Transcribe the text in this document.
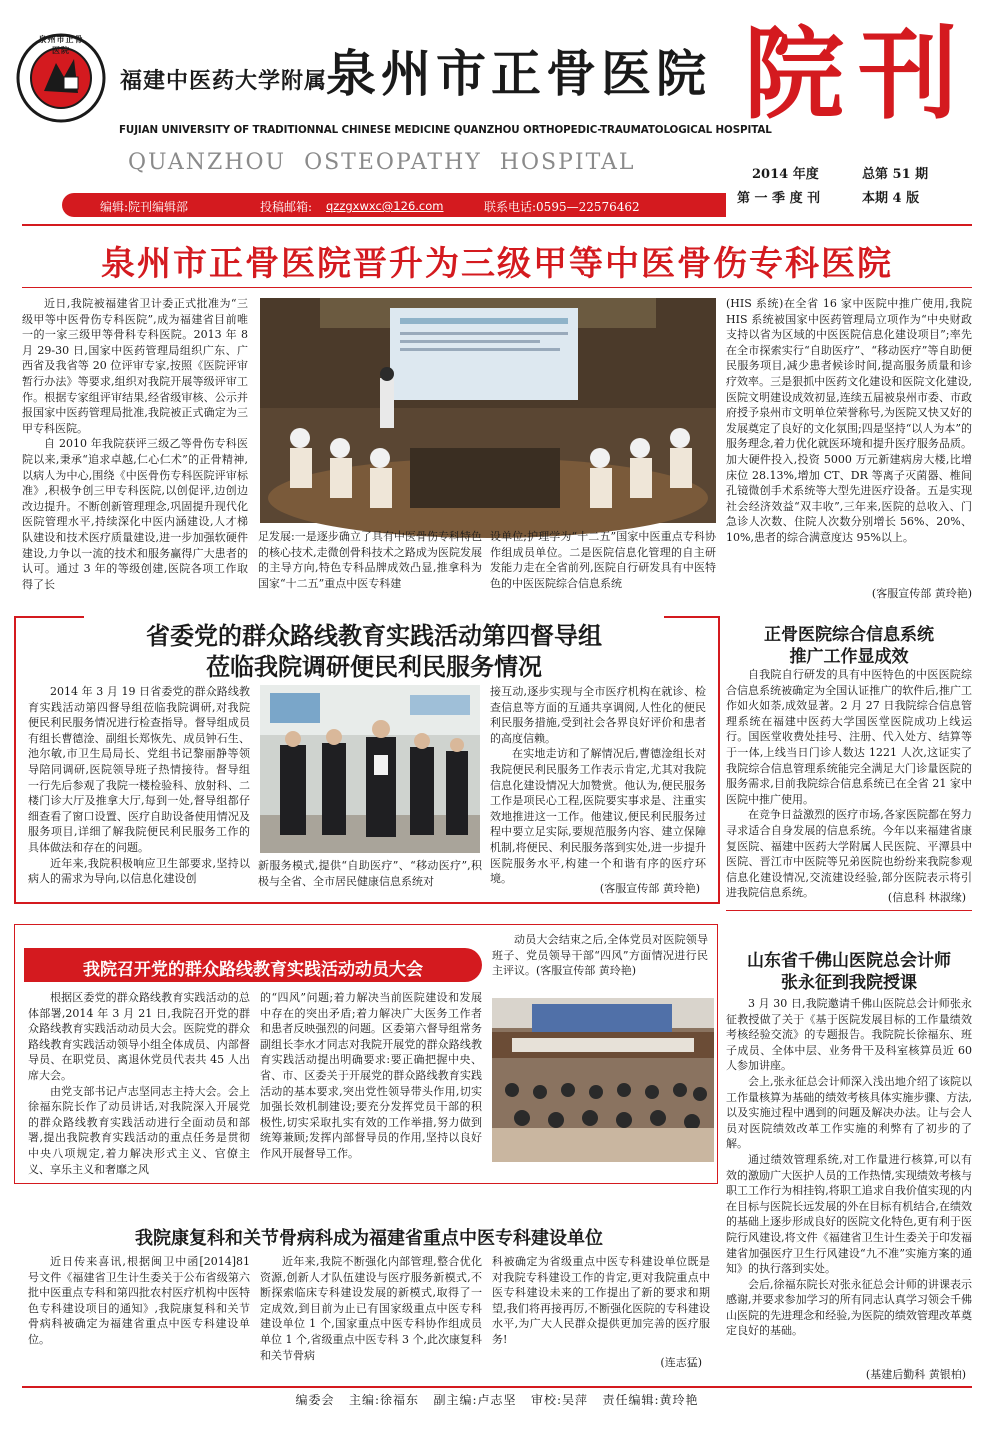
泉州市正骨医院
福建中医药大学附属
泉州市正骨医院
FUJIAN UNIVERSITY OF TRADITIONNAL CHINESE MEDICINE QUANZHOU ORTHOPEDIC-TRAUMATOLOGICAL HOSPITAL
QUANZHOU  OSTEOPATHY  HOSPITAL
院刊
2014 年度	总第 51 期
第 一 季 度 刊	本期 4 版
编辑:院刊编辑部	投稿邮箱: qzzgxwxc@126.com	联系电话:0595—22576462
泉州市正骨医院晋升为三级甲等中医骨伤专科医院

近日,我院被福建省卫计委正式批准为“三级甲等中医骨伤专科医院”,成为福建省目前唯一的一家三级甲等骨科专科医院。2013 年 8 月 29-30 日,国家中医药管理局组织广东、广西省及我省等 20 位评审专家,按照《医院评审暂行办法》等要求,组织对我院开展等级评审工作。根据专家组评审结果,经省级审核、公示并报国家中医药管理局批准,我院被正式确定为三甲专科医院。

自 2010 年我院获评三级乙等骨伤专科医院以来,秉承“追求卓越,仁心仁术”的正骨精神,以病人为中心,围绕《中医骨伤专科医院评审标准》,积极争创三甲专科医院,以创促评,边创边改边提升。不断创新管理理念,巩固提升现代化医院管理水平,持续深化中医内涵建设,人才梯队建设和技术医疗质量建设,进一步加强软硬件建设,力争以一流的技术和服务赢得广大患者的认可。通过 3 年的等级创建,医院各项工作取得了长

足发展:一是逐步确立了具有中医骨伤专科特色的核心技术,走微创骨科技术之路成为医院发展的主导方向,特色专科品牌成效凸显,推拿科为国家“十二五”重点中医专科建

设单位;护理学为“十二五”国家中医重点专科协作组成员单位。二是医院信息化管理的自主研发能力走在全省前列,医院自行研发具有中医特色的中医医院综合信息系统

(HIS 系统)在全省 16 家中医院中推广使用,我院 HIS 系统被国家中医药管理局立项作为“中央财政支持以省为区域的中医医院信息化建设项目”;率先在全市探索实行“自助医疗”、“移动医疗”等自助便民服务项目,减少患者候诊时间,提高服务质量和诊疗效率。三是狠抓中医药文化建设和医院文化建设,医院文明建设成效初显,连续五届被泉州市委、市政府授予泉州市文明单位荣誉称号,为医院又快又好的发展奠定了良好的文化氛围;四是坚持“以人为本”的服务理念,着力优化就医环境和提升医疗服务品质。加大硬件投入,投资 5000 万元新建病房大楼,比增床位 28.13%,增加 CT、DR 等离子灭菌器、椎间孔镜微创手术系统等大型先进医疗设备。五是实现社会经济效益“双丰收”,三年来,医院的总收入、门急诊人次数、住院人次数分别增长 56%、20%、10%,患者的综合满意度达 95%以上。

(客服宣传部 黄玲艳)
省委党的群众路线教育实践活动第四督导组
莅临我院调研便民利民服务情况

2014 年 3 月 19 日省委党的群众路线教育实践活动第四督导组莅临我院调研,对我院便民利民服务情况进行检查指导。督导组成员有组长曹德淦、副组长郑恢先、成员钟石生、池尔敏,市卫生局局长、党组书记黎丽静等领导陪同调研,医院领导班子热情接待。督导组一行先后参观了我院一楼检验科、放射科、二楼门诊大厅及推拿大厅,每到一处,督导组都仔细查看了窗口设置、医疗自助设备使用情况及服务项目,详细了解我院便民利民服务工作的具体做法和存在的问题。

近年来,我院积极响应卫生部要求,坚持以病人的需求为导向,以信息化建设创

新服务模式,提供“自助医疗”、“移动医疗”,积极与全省、全市居民健康信息系统对

接互动,逐步实现与全市医疗机构在就诊、检查信息等方面的互通共享调阅,人性化的便民利民服务措施,受到社会各界良好评价和患者的高度信赖。

在实地走访和了解情况后,曹德淦组长对我院便民利民服务工作表示肯定,尤其对我院信息化建设情况大加赞赏。他认为,便民服务工作是项民心工程,医院要实事求是、注重实效地推进这一工作。他建议,便民利民服务过程中要立足实际,要规范服务内容、建立保障机制,将便民、利民服务落到实处,进一步提升医院服务水平,构建一个和谐有序的医疗环境。

(客服宣传部 黄玲艳)
正骨医院综合信息系统
推广工作显成效

自我院自行研发的具有中医特色的中医医院综合信息系统被确定为全国认证推广的软件后,推广工作如火如荼,成效显著。2 月 27 日我院综合信息管理系统在福建中医药大学国医堂医院成功上线运行。国医堂收费处挂号、注册、代入处方、结算等于一体,上线当日门诊人数达 1221 人次,这证实了我院综合信息管理系统能完全满足大门诊量医院的服务需求,目前我院综合信息系统已在全省 21 家中医院中推广使用。

在竞争日益激烈的医疗市场,各家医院都在努力寻求适合自身发展的信息系统。今年以来福建省康复医院、福建中医药大学附属人民医院、平潭县中医院、晋江市中医院等兄弟医院也纷纷来我院参观信息化建设情况,交流建设经验,部分医院表示将引进我院信息系统。	(信息科 林淑缘)
我院召开党的群众路线教育实践活动动员大会

动员大会结束之后,全体党员对医院领导班子、党员领导干部“四风”方面情况进行民主评议。(客服宣传部 黄玲艳)

根据区委党的群众路线教育实践活动的总体部署,2014 年 3 月 21 日,我院召开党的群众路线教育实践活动动员大会。医院党的群众路线教育实践活动领导小组全体成员、内部督导员、在职党员、离退休党员代表共 45 人出席大会。

由党支部书记卢志坚同志主持大会。会上徐福东院长作了动员讲话,对我院深入开展党的群众路线教育实践活动进行全面动员和部署,提出我院教育实践活动的重点任务是贯彻中央八项规定,着力解决形式主义、官僚主义、享乐主义和奢靡之风

的“四风”问题;着力解决当前医院建设和发展中存在的突出矛盾;着力解决广大医务工作者和患者反映强烈的问题。区委第六督导组常务副组长李水才同志对我院开展党的群众路线教育实践活动提出明确要求:要正确把握中央、省、市、区委关于开展党的群众路线教育实践活动的基本要求,突出党性领导带头作用,切实加强长效机制建设;要充分发挥党员干部的积极性,切实采取扎实有效的工作举措,努力做到统筹兼顾;发挥内部督导员的作用,坚持以良好作风开展督导工作。

我院康复科和关节骨病科成为福建省重点中医专科建设单位

近日传来喜讯,根据闽卫中函[2014]81 号文件《福建省卫生计生委关于公布省级第六批中医重点专科和第四批农村医疗机构中医特色专科建设项目的通知》,我院康复科和关节骨病科被确定为福建省重点中医专科建设单位。

近年来,我院不断强化内部管理,整合优化资源,创新人才队伍建设与医疗服务新模式,不断探索临床专科建设发展的新模式,取得了一定成效,到目前为止已有国家级重点中医专科建设单位 1 个,国家重点中医专科协作组成员单位 1 个,省级重点中医专科 3 个,此次康复科和关节骨病

科被确定为省级重点中医专科建设单位既是对我院专科建设工作的肯定,更对我院重点中医专科建设未来的工作提出了新的要求和期望,我们将再接再厉,不断强化医院的专科建设水平,为广大人民群众提供更加完善的医疗服务!

(连志猛)
山东省千佛山医院总会计师
张永征到我院授课

3 月 30 日,我院邀请千佛山医院总会计师张永征教授做了关于《基于医院发展目标的工作量绩效考核经验交流》的专题报告。我院院长徐福东、班子成员、全体中层、业务骨干及科室核算员近 60 人参加讲座。

会上,张永征总会计师深入浅出地介绍了该院以工作量核算为基础的绩效考核具体实施步骤、方法,以及实施过程中遇到的问题及解决办法。让与会人员对医院绩效改革工作实施的利弊有了初步的了解。

通过绩效管理系统,对工作量进行核算,可以有效的激励广大医护人员的工作热情,实现绩效考核与职工工作行为相挂钩,将职工追求自我价值实现的内在目标与医院长远发展的外在目标有机结合,在绩效的基础上逐步形成良好的医院文化特色,更有利于医院行风建设,将文件《福建省卫生计生委关于印发福建省加强医疗卫生行风建设“九不准”实施方案的通知》的执行落到实处。

会后,徐福东院长对张永征总会计师的讲课表示感谢,并要求参加学习的所有同志认真学习领会千佛山医院的先进理念和经验,为医院的绩效管理改革奠定良好的基础。

(基建后勤科 黄银柏)
编委会 主编:徐福东 副主编:卢志坚 审校:吴萍 责任编辑:黄玲艳
